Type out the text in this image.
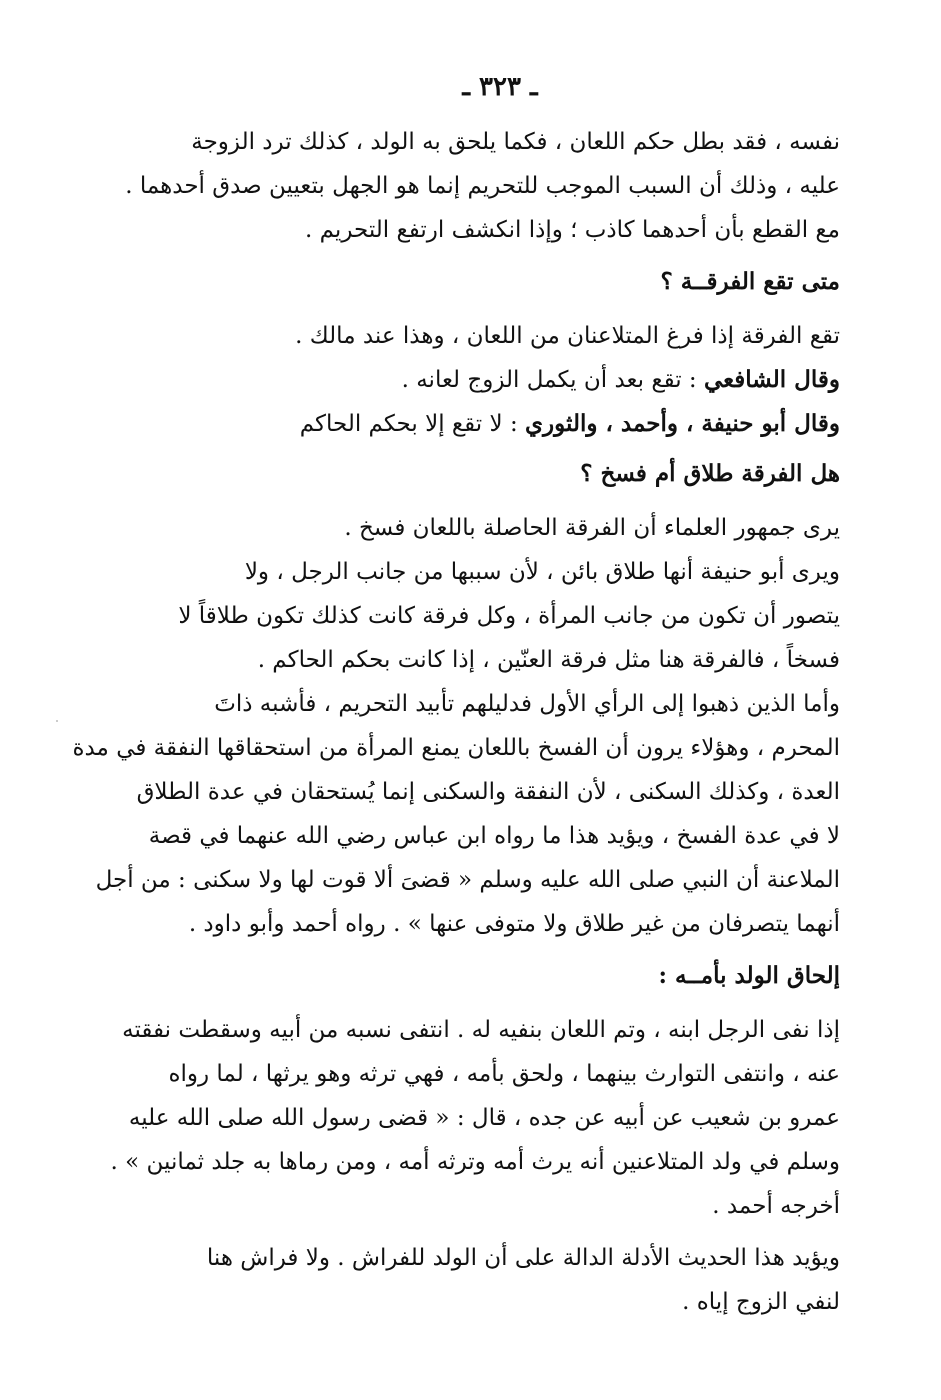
ـ ٣٢٣ ـ

نفسه ، فقد بطل حكم اللعان ، فكما يلحق به الولد ، كذلك ترد الزوجة
عليه ، وذلك أن السبب الموجب للتحريم إنما هو الجهل بتعيين صدق أحدهما .
مع القطع بأن أحدهما كاذب ؛ وإذا انكشف ارتفع التحريم .

متى تقع الفرقــة ؟

تقع الفرقة إذا فرغ المتلاعنان من اللعان ، وهذا عند مالك .
وقال الشافعي : تقع بعد أن يكمل الزوج لعانه .
وقال أبو حنيفة ، وأحمد ، والثوري : لا تقع إلا بحكم الحاكم

هل الفرقة طلاق أم فسخ ؟

يرى جمهور العلماء أن الفرقة الحاصلة باللعان فسخ .
ويرى أبو حنيفة أنها طلاق بائن ، لأن سببها من جانب الرجل ، ولا
يتصور أن تكون من جانب المرأة ، وكل فرقة كانت كذلك تكون طلاقاً لا
فسخاً ، فالفرقة هنا مثل فرقة العنّين ، إذا كانت بحكم الحاكم .

وأما الذين ذهبوا إلى الرأي الأول فدليلهم تأبيد التحريم ، فأشبه ذاتَ
المحرم ، وهؤلاء يرون أن الفسخ باللعان يمنع المرأة من استحقاقها النفقة في مدة
العدة ، وكذلك السكنى ، لأن النفقة والسكنى إنما يُستحقان في عدة الطلاق
لا في عدة الفسخ ، ويؤيد هذا ما رواه ابن عباس رضي الله عنهما في قصة
الملاعنة أن النبي صلى الله عليه وسلم « قضىَ ألا قوت لها ولا سكنى : من أجل
أنهما يتصرفان من غير طلاق ولا متوفى عنها » . رواه أحمد وأبو داود .

إلحاق الولد بأمــه :

إذا نفى الرجل ابنه ، وتم اللعان بنفيه له . انتفى نسبه من أبيه وسقطت نفقته
عنه ، وانتفى التوارث بينهما ، ولحق بأمه ، فهي ترثه وهو يرثها ، لما رواه
عمرو بن شعيب عن أبيه عن جده ، قال : « قضى رسول الله صلى الله عليه
وسلم في ولد المتلاعنين أنه يرث أمه وترثه أمه ، ومن رماها به جلد ثمانين » .
أخرجه أحمد .

ويؤيد هذا الحديث الأدلة الدالة على أن الولد للفراش . ولا فراش هنا
لنفي الزوج إياه .
